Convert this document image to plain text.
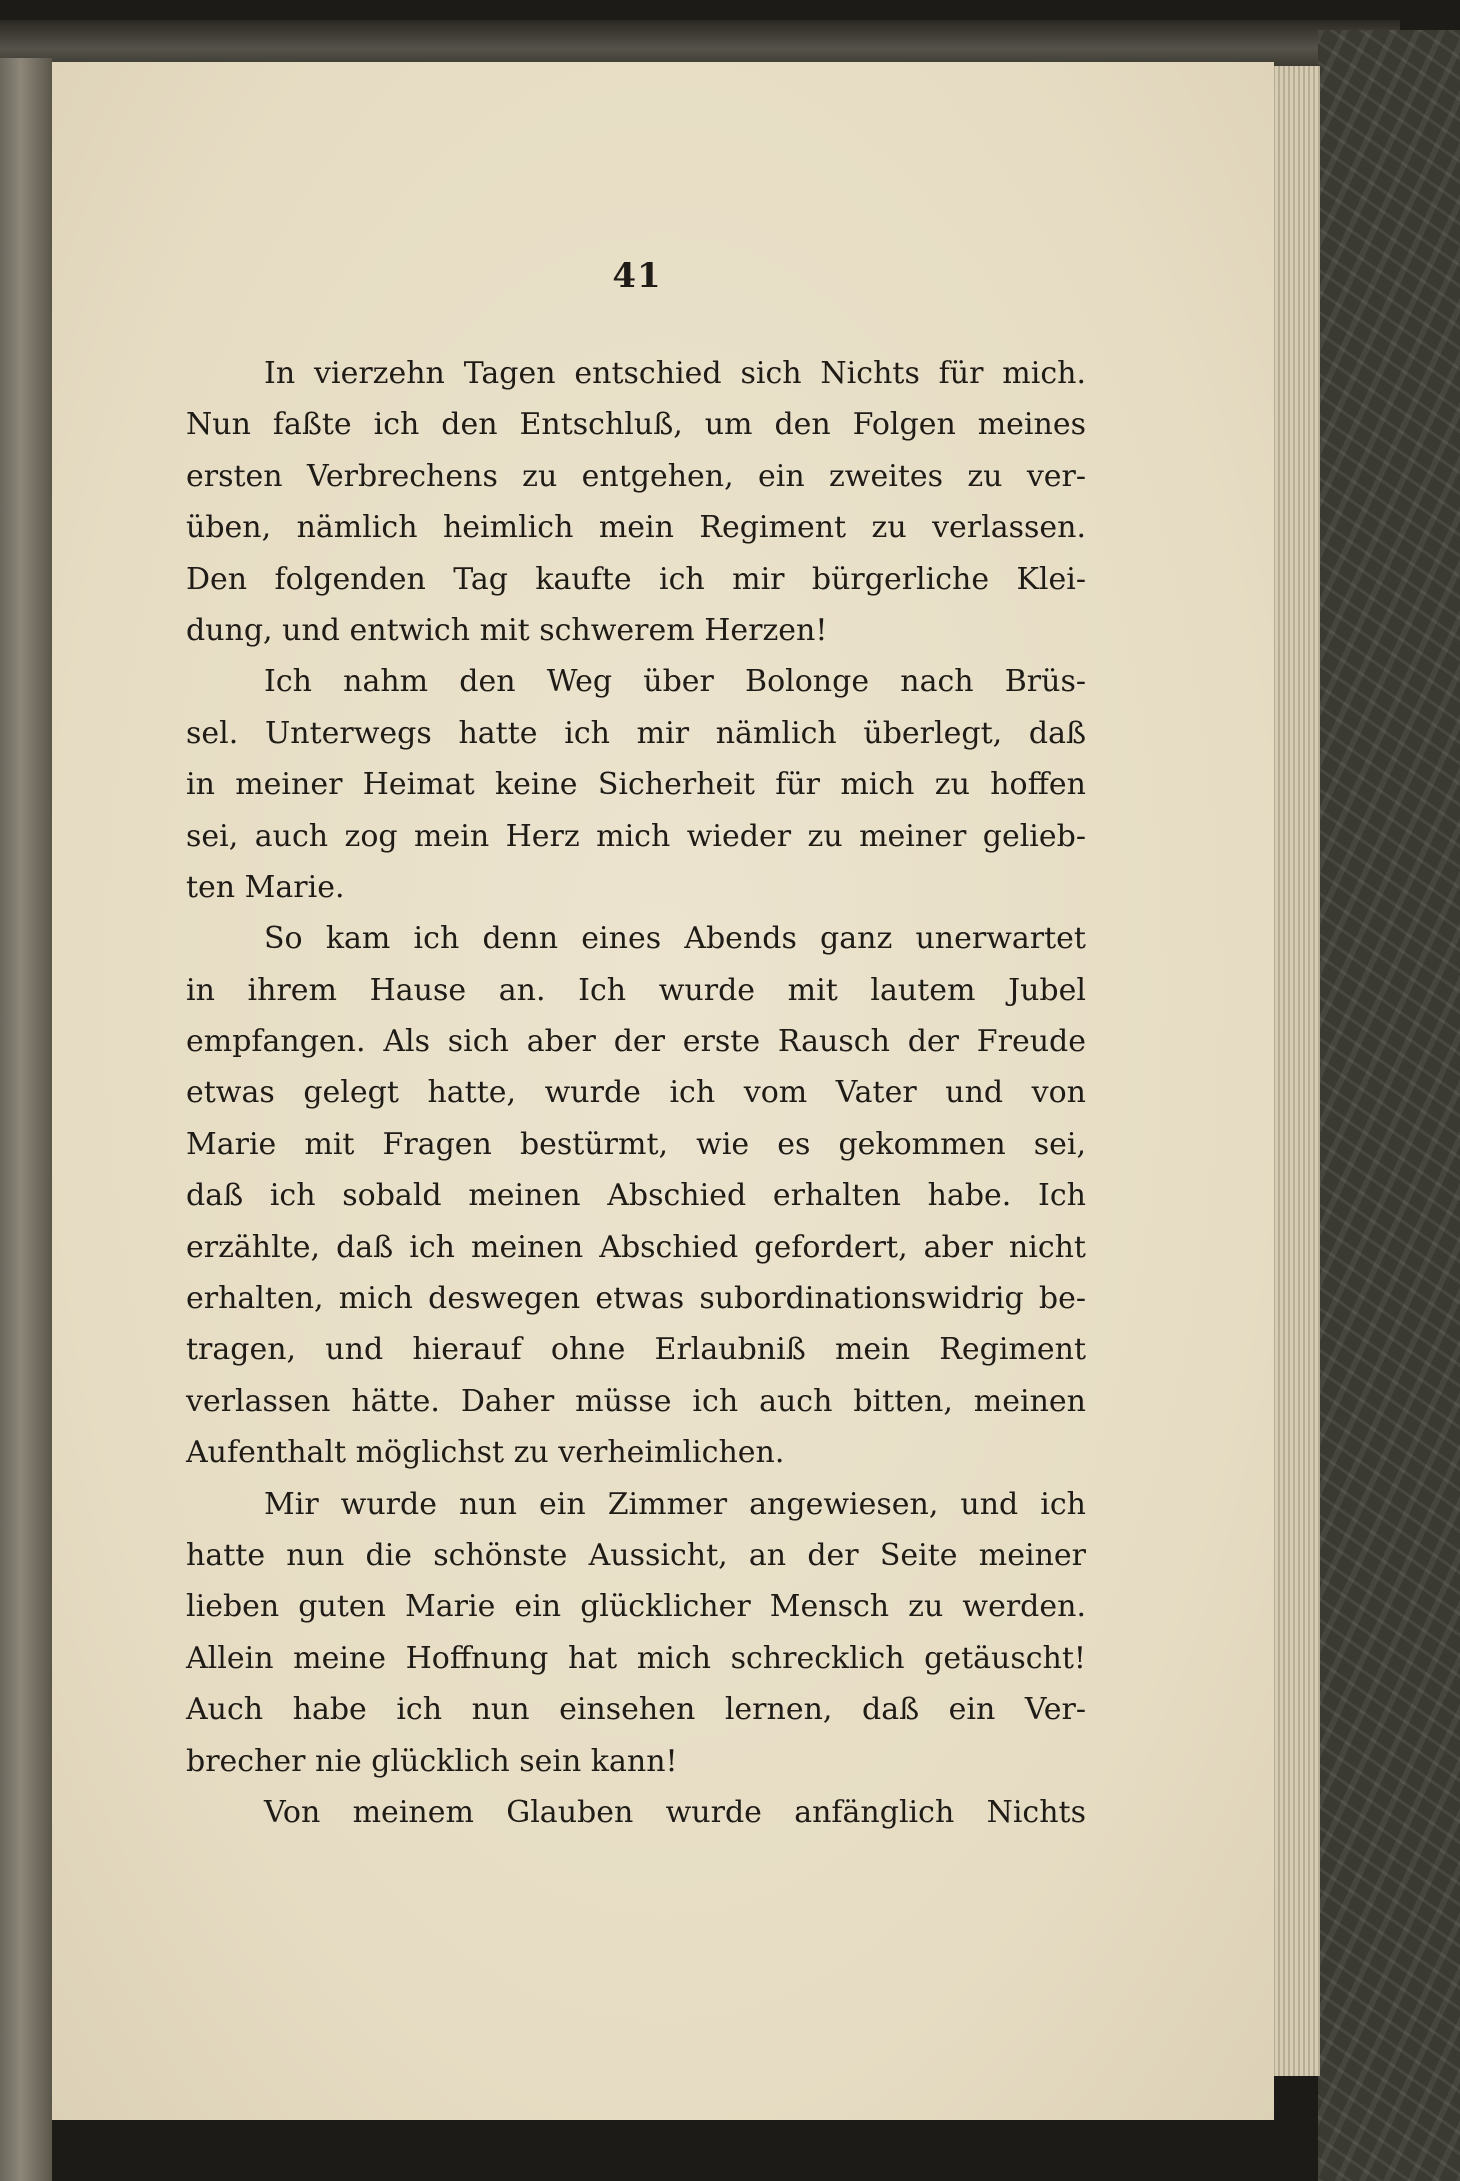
41
In vierzehn Tagen entschied sich Nichts für mich.
Nun faßte ich den Entschluß, um den Folgen meines
ersten Verbrechens zu entgehen, ein zweites zu ver-
üben, nämlich heimlich mein Regiment zu verlassen.
Den folgenden Tag kaufte ich mir bürgerliche Klei-
dung, und entwich mit schwerem Herzen!
Ich nahm den Weg über Bolonge nach Brüs-
sel. Unterwegs hatte ich mir nämlich überlegt, daß
in meiner Heimat keine Sicherheit für mich zu hoffen
sei, auch zog mein Herz mich wieder zu meiner gelieb-
ten Marie.
So kam ich denn eines Abends ganz unerwartet
in ihrem Hause an. Ich wurde mit lautem Jubel
empfangen. Als sich aber der erste Rausch der Freude
etwas gelegt hatte, wurde ich vom Vater und von
Marie mit Fragen bestürmt, wie es gekommen sei,
daß ich sobald meinen Abschied erhalten habe. Ich
erzählte, daß ich meinen Abschied gefordert, aber nicht
erhalten, mich deswegen etwas subordinationswidrig be-
tragen, und hierauf ohne Erlaubniß mein Regiment
verlassen hätte. Daher müsse ich auch bitten, meinen
Aufenthalt möglichst zu verheimlichen.
Mir wurde nun ein Zimmer angewiesen, und ich
hatte nun die schönste Aussicht, an der Seite meiner
lieben guten Marie ein glücklicher Mensch zu werden.
Allein meine Hoffnung hat mich schrecklich getäuscht!
Auch habe ich nun einsehen lernen, daß ein Ver-
brecher nie glücklich sein kann!
Von meinem Glauben wurde anfänglich Nichts
